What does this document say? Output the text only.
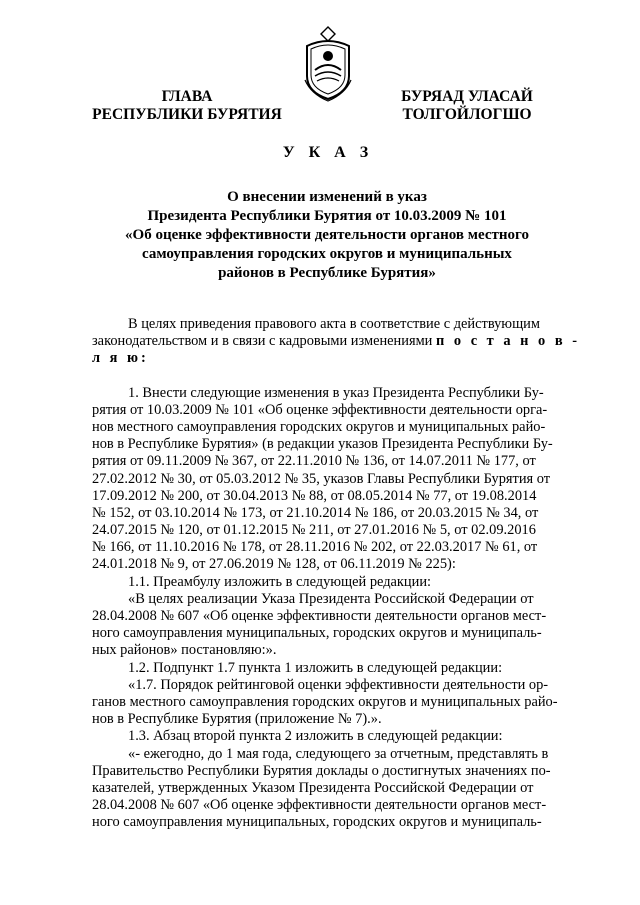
ГЛАВА
РЕСПУБЛИКИ БУРЯТИЯ
БУРЯАД УЛАСАЙ
ТОЛГОЙЛОГШО
У К А З
О внесении изменений в указ
Президента Республики Бурятия от 10.03.2009 № 101
«Об оценке эффективности деятельности органов местного
самоуправления городских округов и муниципальных
районов в Республике Бурятия»
В целях приведения правового акта в соответствие с действующим
законодательством и в связи с кадровыми изменениями п о с т а н о в -
л я ю:
1. Внести следующие изменения в указ Президента Республики Бу-
рятия от 10.03.2009 № 101 «Об оценке эффективности деятельности орга-
нов местного самоуправления городских округов и муниципальных райо-
нов в Республике Бурятия» (в редакции указов Президента Республики Бу-
рятия от 09.11.2009 № 367, от 22.11.2010 № 136, от 14.07.2011 № 177, от
27.02.2012 № 30, от 05.03.2012 № 35, указов Главы Республики Бурятия от
17.09.2012 № 200, от 30.04.2013 № 88, от 08.05.2014 № 77, от 19.08.2014
№ 152, от 03.10.2014 № 173, от 21.10.2014 № 186, от 20.03.2015 № 34, от
24.07.2015 № 120, от 01.12.2015 № 211, от 27.01.2016 № 5, от 02.09.2016
№ 166, от 11.10.2016 № 178, от 28.11.2016 № 202, от 22.03.2017 № 61, от
24.01.2018 № 9, от 27.06.2019 № 128, от 06.11.2019 № 225):
1.1. Преамбулу изложить в следующей редакции:
«В целях реализации Указа Президента Российской Федерации от
28.04.2008 № 607 «Об оценке эффективности деятельности органов мест-
ного самоуправления муниципальных, городских округов и муниципаль-
ных районов» постановляю:».
1.2. Подпункт 1.7 пункта 1 изложить в следующей редакции:
«1.7. Порядок рейтинговой оценки эффективности деятельности ор-
ганов местного самоуправления городских округов и муниципальных райо-
нов в Республике Бурятия (приложение № 7).».
1.3. Абзац второй пункта 2 изложить в следующей редакции:
«- ежегодно, до 1 мая года, следующего за отчетным, представлять в
Правительство Республики Бурятия доклады о достигнутых значениях по-
казателей, утвержденных Указом Президента Российской Федерации от
28.04.2008 № 607 «Об оценке эффективности деятельности органов мест-
ного самоуправления муниципальных, городских округов и муниципаль-
